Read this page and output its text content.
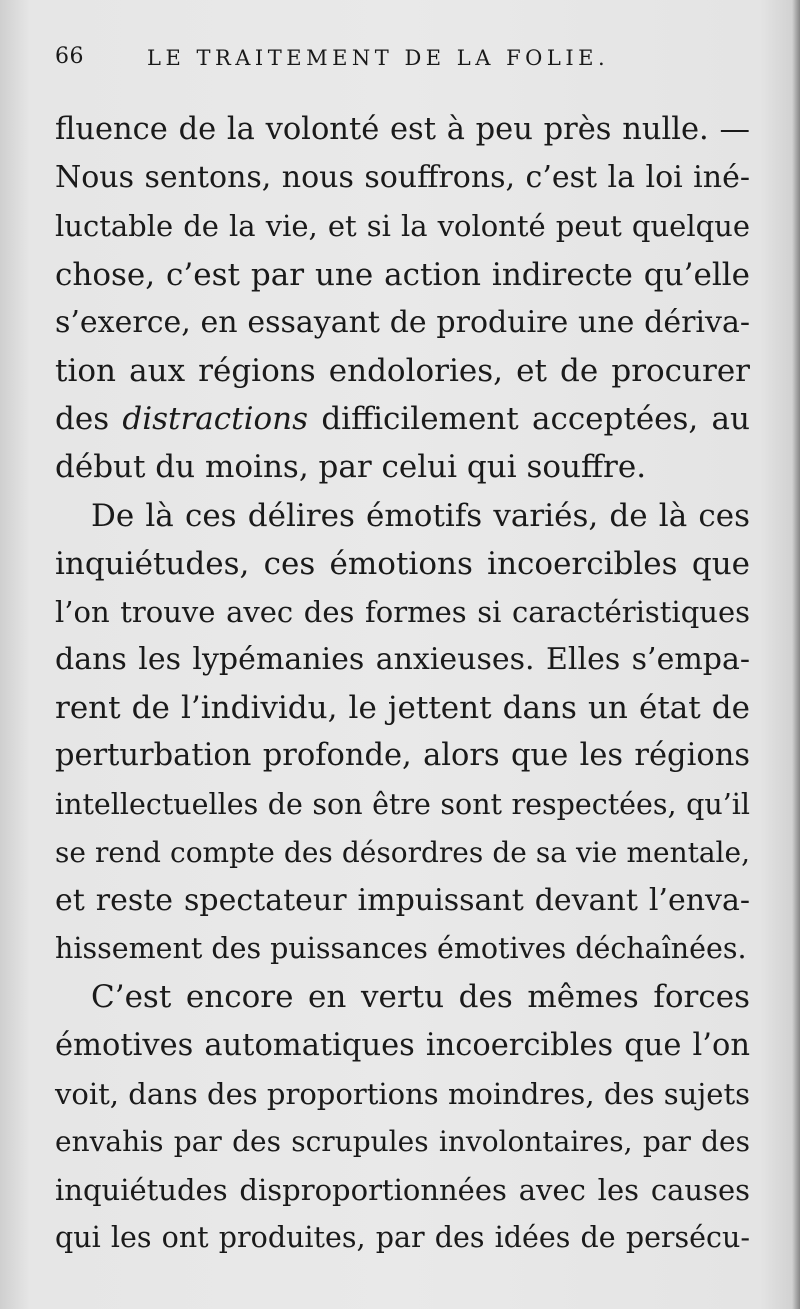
66	LE TRAITEMENT DE LA FOLIE.
fluence de la volonté est à peu près nulle. —
Nous sentons, nous souffrons, c’est la loi iné-
luctable de la vie, et si la volonté peut quelque
chose, c’est par une action indirecte qu’elle
s’exerce, en essayant de produire une dériva-
tion aux régions endolories, et de procurer
des distractions difficilement acceptées, au
début du moins, par celui qui souffre.
De là ces délires émotifs variés, de là ces
inquiétudes, ces émotions incoercibles que
l’on trouve avec des formes si caractéristiques
dans les lypémanies anxieuses. Elles s’empa-
rent de l’individu, le jettent dans un état de
perturbation profonde, alors que les régions
intellectuelles de son être sont respectées, qu’il
se rend compte des désordres de sa vie mentale,
et reste spectateur impuissant devant l’enva-
hissement des puissances émotives déchaînées.
C’est encore en vertu des mêmes forces
émotives automatiques incoercibles que l’on
voit, dans des proportions moindres, des sujets
envahis par des scrupules involontaires, par des
inquiétudes disproportionnées avec les causes
qui les ont produites, par des idées de persécu-
